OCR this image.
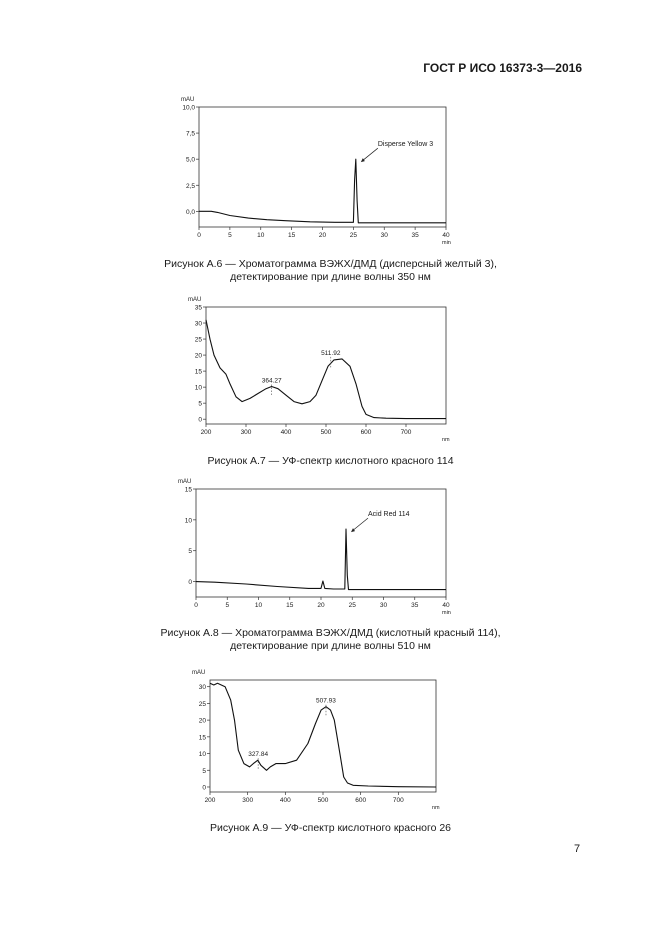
ГОСТ Р ИСО 16373-3—2016
0,0
2,5
5,0
7,5
10,0
0	5	10	15	20	25	30	35	40
mAU
min
Disperse Yellow 3
0
5
10
15
20
25
30
35
200	300	400	500	600	700
mAU
nm
364.27
511.92
0
5
10
15
0	5	10	15	20	25	30	35	40
mAU
min
Acid Red 114
0
5
10
15
20
25
30
200	300	400	500	600	700
mAU
nm
327.84
507.93
Рисунок А.6 — Хроматограмма ВЭЖХ/ДМД (дисперсный желтый 3),
детектирование при длине волны 350 нм
Рисунок А.7 — УФ-спектр кислотного красного 114
Рисунок А.8 — Хроматограмма ВЭЖХ/ДМД (кислотный красный 114),
детектирование при длине волны 510 нм
Рисунок А.9 — УФ-спектр кислотного красного 26
7
